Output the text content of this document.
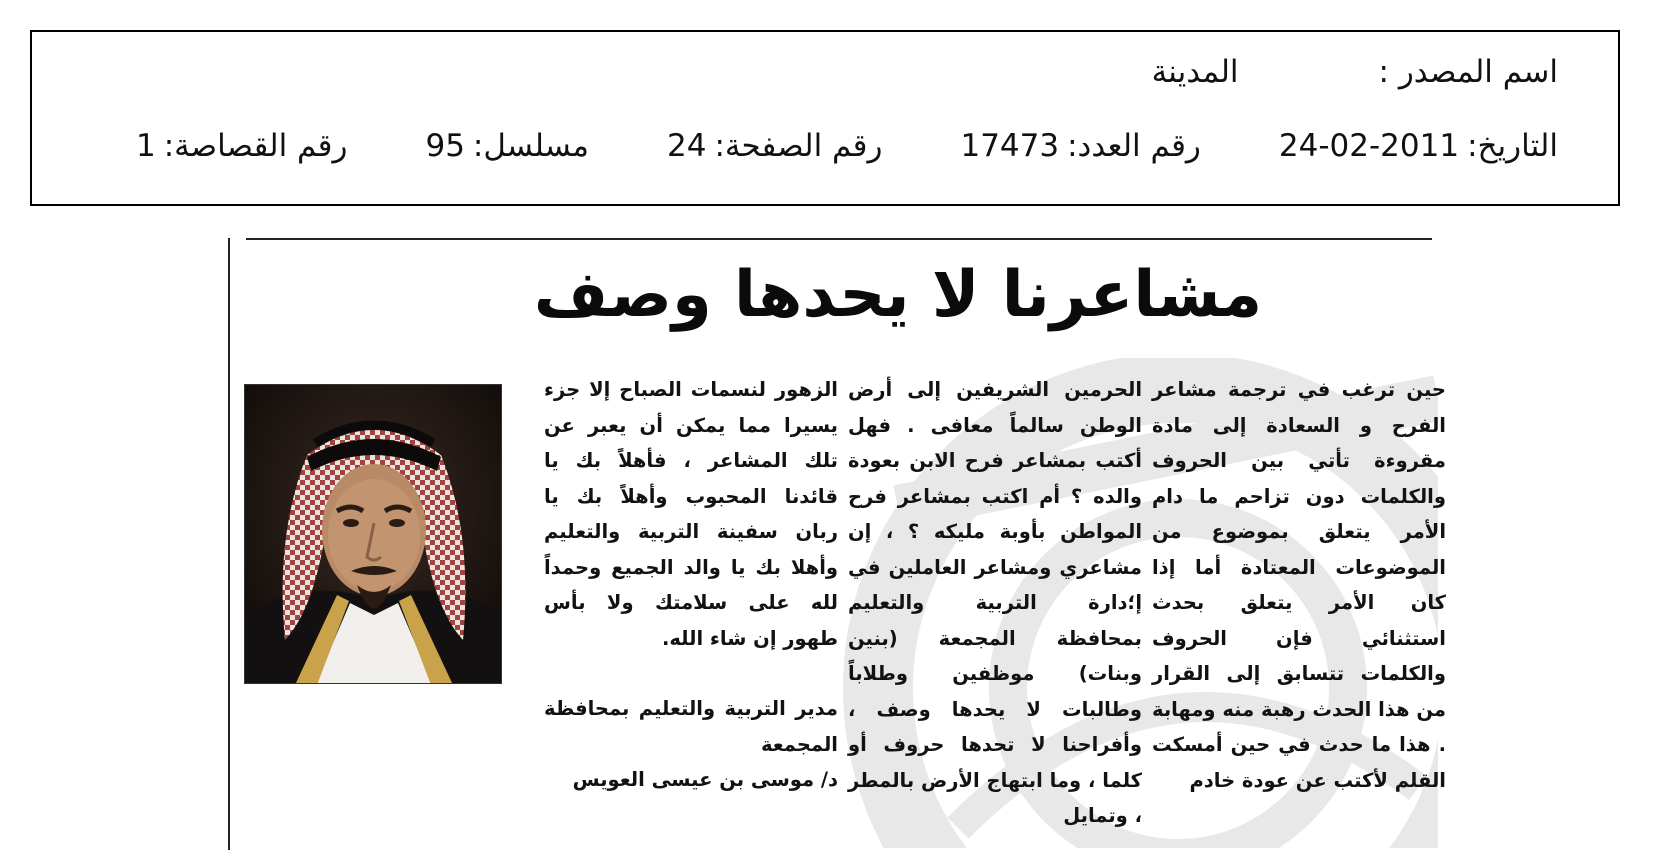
اسم المصدر :
المدينة
التاريخ:
24-02-2011
رقم العدد:
17473
رقم الصفحة:
24
مسلسل:
95
رقم القصاصة:
1
مشاعرنا لا يحدها وصف

حين ترغب في ترجمة مشاعر الفرح و السعادة إلى مادة مقروءة تأتي بين الحروف والكلمات دون تزاحم ما دام الأمر يتعلق بموضوع من الموضوعات المعتادة أما إذا كان الأمر يتعلق بحدث استثنائي فإن الحروف والكلمات تتسابق إلى القرار من هذا الحدث رهبة منه ومهابة . هذا ما حدث في حين أمسكت القلم لأكتب عن عودة خادم

الحرمين الشريفين إلى أرض الوطن سالماً معافى . فهل أكتب بمشاعر فرح الابن بعودة والده ؟ أم اكتب بمشاعر فرح المواطن بأوبة مليكه ؟ ، إن مشاعري ومشاعر العاملين في إ؛دارة التربية والتعليم بمحافظة المجمعة (بنين وبنات) موظفين وطلاباً وطالبات لا يحدها وصف ، وأفراحنا لا تحدها حروف أو كلما ، وما ابتهاج الأرض بالمطر ، وتمايل

الزهور لنسمات الصباح إلا جزء يسيرا مما يمكن أن يعبر عن تلك المشاعر ، فأهلاً بك يا قائدنا المحبوب وأهلاً بك يا ربان سفينة التربية والتعليم وأهلا بك يا والد الجميع وحمداً لله على سلامتك ولا بأس طهور إن شاء الله.

مدير التربية والتعليم بمحافظة المجمعة

د/ موسى بن عيسى العويس
